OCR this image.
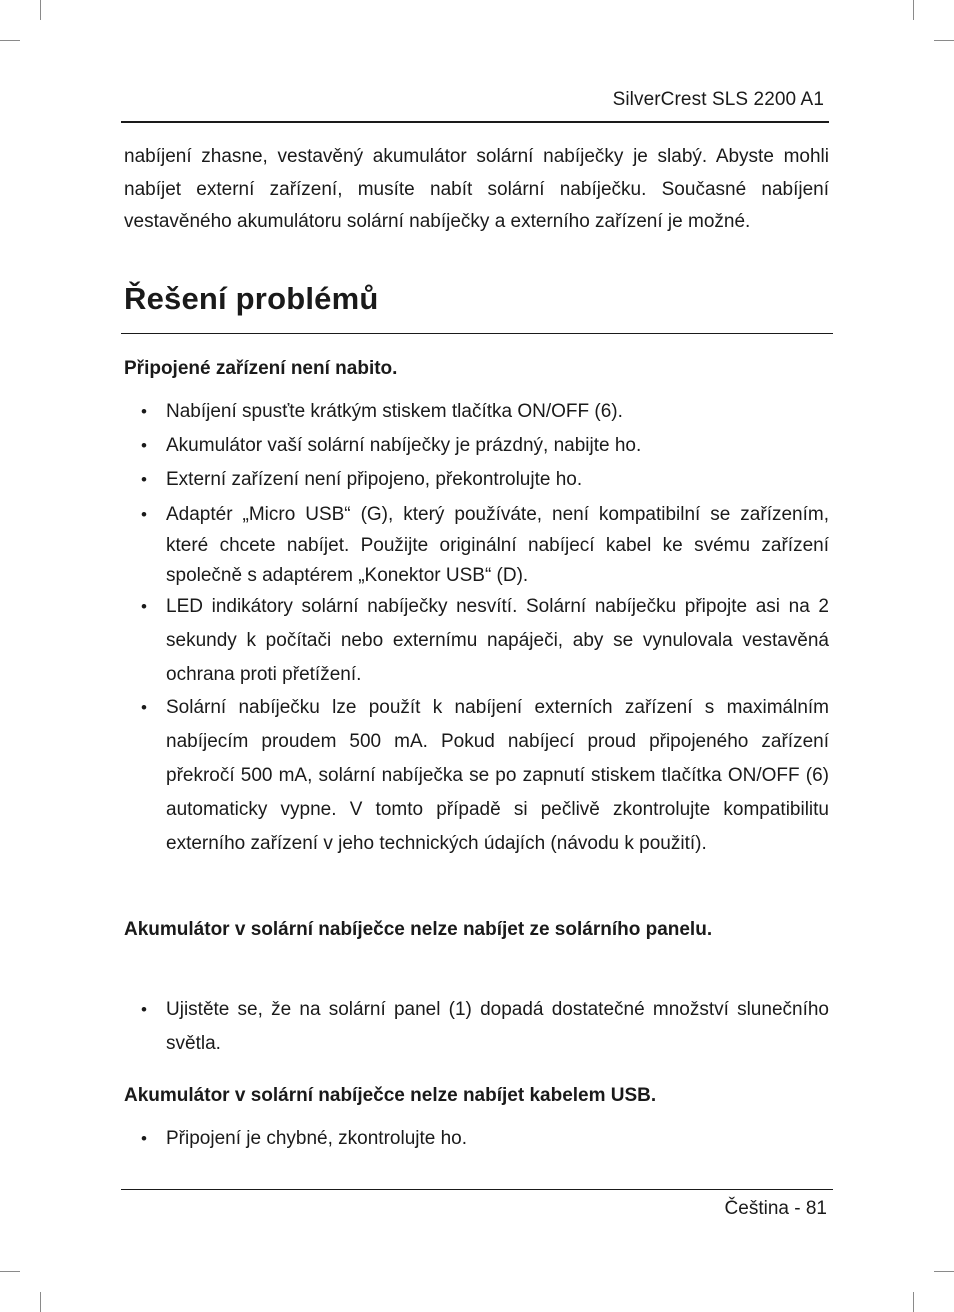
SilverCrest SLS 2200 A1

nabíjení zhasne, vestavěný akumulátor solární nabíječky je slabý. Abyste mohli nabíjet externí zařízení, musíte nabít solární nabíječku. Současné nabíjení vestavěného akumulátoru solární nabíječky a externího zařízení je možné.

Řešení problémů

Připojené zařízení není nabito.

•	Nabíjení spusťte krátkým stiskem tlačítka ON/OFF (6).
•	Akumulátor vaší solární nabíječky je prázdný, nabijte ho.
•	Externí zařízení není připojeno, překontrolujte ho.
•	Adaptér „Micro USB“ (G), který používáte, není kompatibilní se zařízením, které chcete nabíjet. Použijte originální nabíjecí kabel ke svému zařízení společně s adaptérem „Konektor USB“ (D).
•	LED indikátory solární nabíječky nesvítí. Solární nabíječku připojte asi na 2 sekundy k počítači nebo externímu napáječi, aby se vynulovala vestavěná ochrana proti přetížení.
•	Solární nabíječku lze použít k nabíjení externích zařízení s maximálním nabíjecím proudem 500 mA. Pokud nabíjecí proud připojeného zařízení překročí 500 mA, solární nabíječka se po zapnutí stiskem tlačítka ON/OFF (6) automaticky vypne. V tomto případě si pečlivě zkontrolujte kompatibilitu externího zařízení v jeho technických údajích (návodu k použití).

Akumulátor v solární nabíječce nelze nabíjet ze solárního panelu.

•	Ujistěte se, že na solární panel (1) dopadá dostatečné množství slunečního světla.

Akumulátor v solární nabíječce nelze nabíjet kabelem USB.

•	Připojení je chybné, zkontrolujte ho.
Čeština - 81
